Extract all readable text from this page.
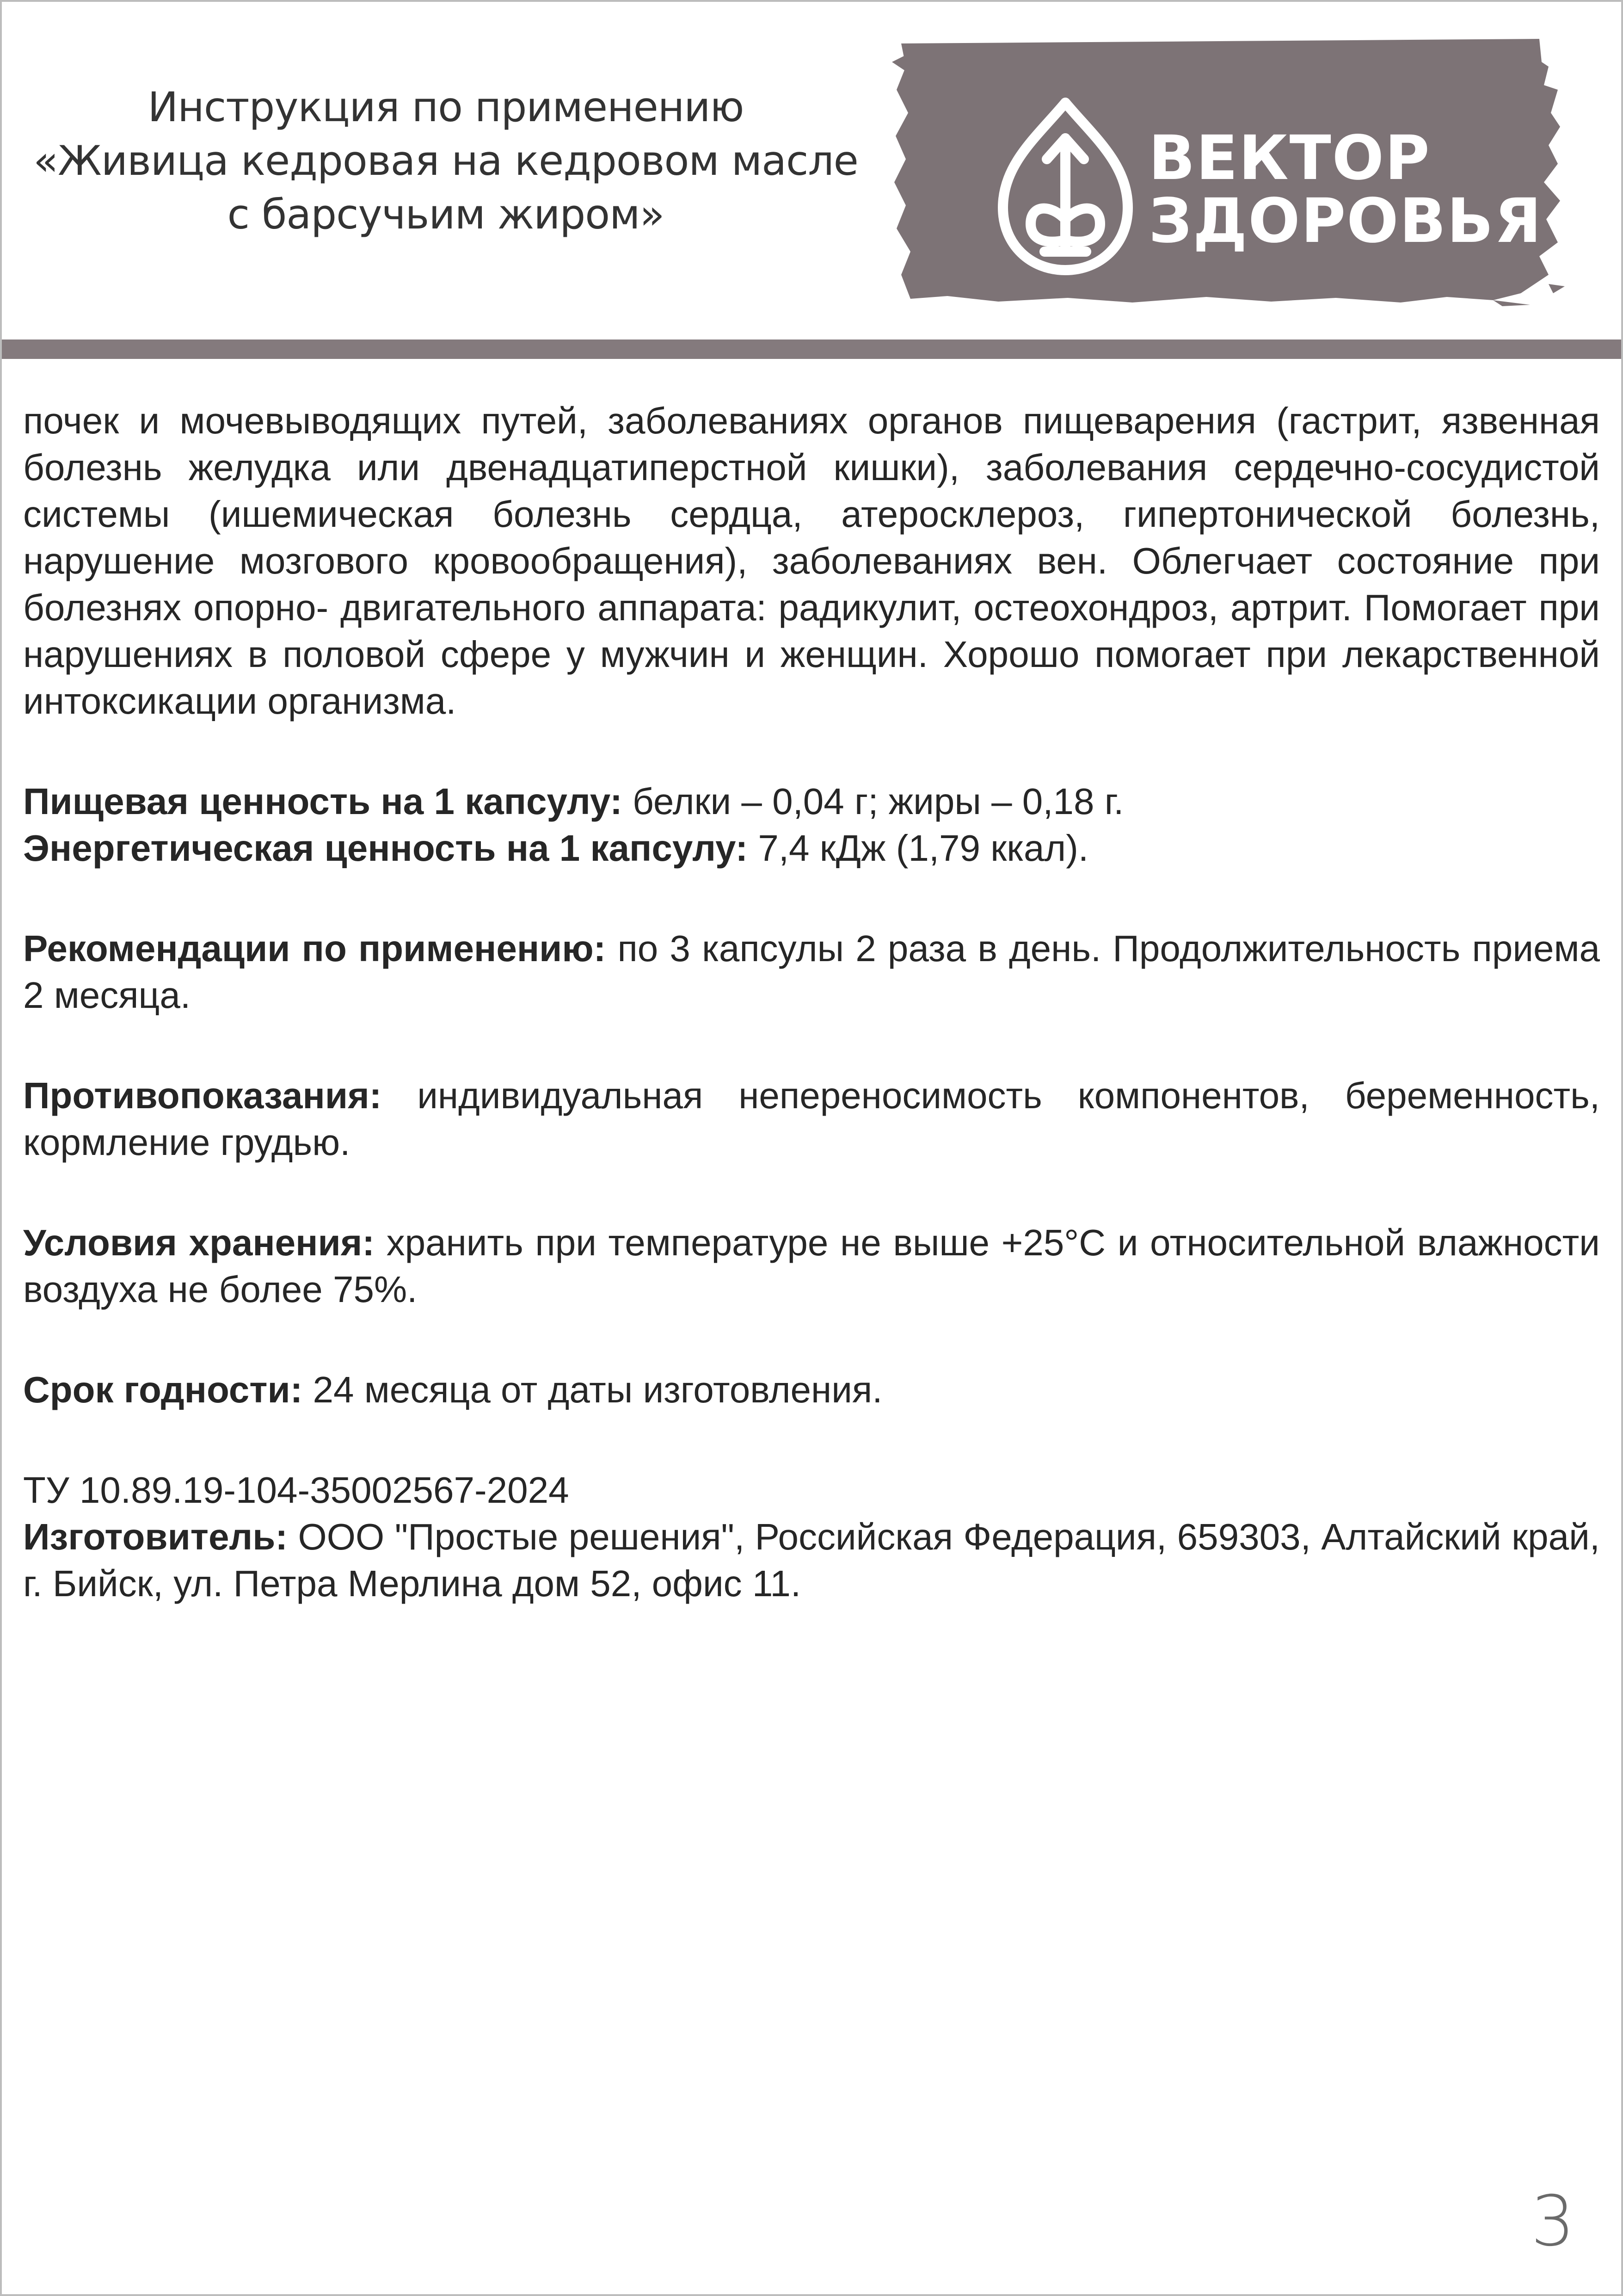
Инструкция по применению
«Живица кедровая на кедровом масле
с барсучьим жиром»
ВЕКТОР
ЗДОРОВЬЯ

почек и мочевыводящих путей, заболеваниях органов пищеварения (гастрит, язвенная болезнь желудка или двенадцатиперстной кишки), заболевания сердечно-сосудистой системы (ишемическая болезнь сердца, атеросклероз, гипертонической болезнь, нарушение мозгового кровообращения), заболеваниях вен. Облегчает состояние при болезнях опорно- двигательного аппарата: радикулит, остеохондроз, артрит. Помогает при нарушениях в половой сфере у мужчин и женщин. Хорошо помогает при лекарственной интоксикации организма.

Пищевая ценность на 1 капсулу: белки – 0,04 г; жиры – 0,18 г.

Энергетическая ценность на 1 капсулу: 7,4 кДж (1,79 ккал).

Рекомендации по применению: по 3 капсулы 2 раза в день. Продолжительность приема 2 месяца.

Противопоказания: индивидуальная непереносимость компонентов, беременность, кормление грудью.

Условия хранения: хранить при температуре не выше +25°С и относительной влажности воздуха не более 75%.

Срок годности: 24 месяца от даты изготовления.

ТУ 10.89.19-104-35002567-2024

Изготовитель: ООО "Простые решения", Российская Федерация, 659303, Алтайский край, г. Бийск, ул. Петра Мерлина дом 52, офис 11.

3
